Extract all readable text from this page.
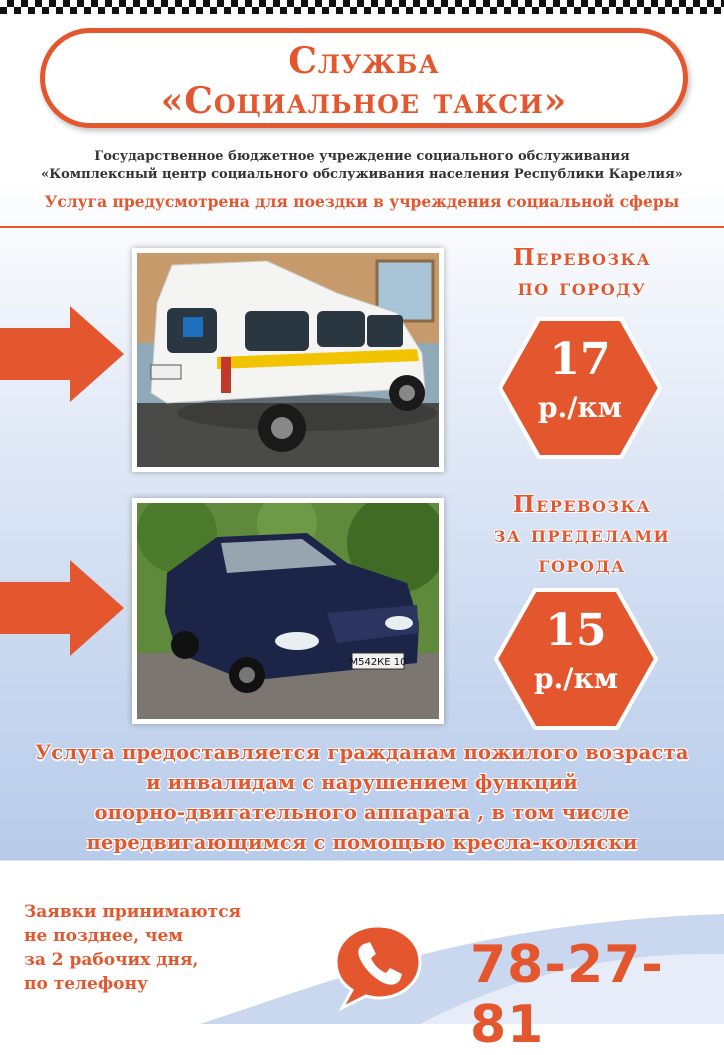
Служба
«Социальное такси»
Государственное бюджетное учреждение социального обслуживания
«Комплексный центр социального обслуживания населения Республики Карелия»
Услуга предусмотрена для поездки в учреждения социальной сферы
Перевозка
по городу
17
р./км
М542КЕ 10
Перевозка
за пределами
города
15
р./км
Услуга предоставляется гражданам пожилого возраста
и инвалидам с нарушением функций
опорно-двигательного аппарата , в том числе
передвигающимся с помощью кресла-коляски
Заявки принимаются
не позднее, чем
за 2 рабочих дня,
по телефону	78-27-81
